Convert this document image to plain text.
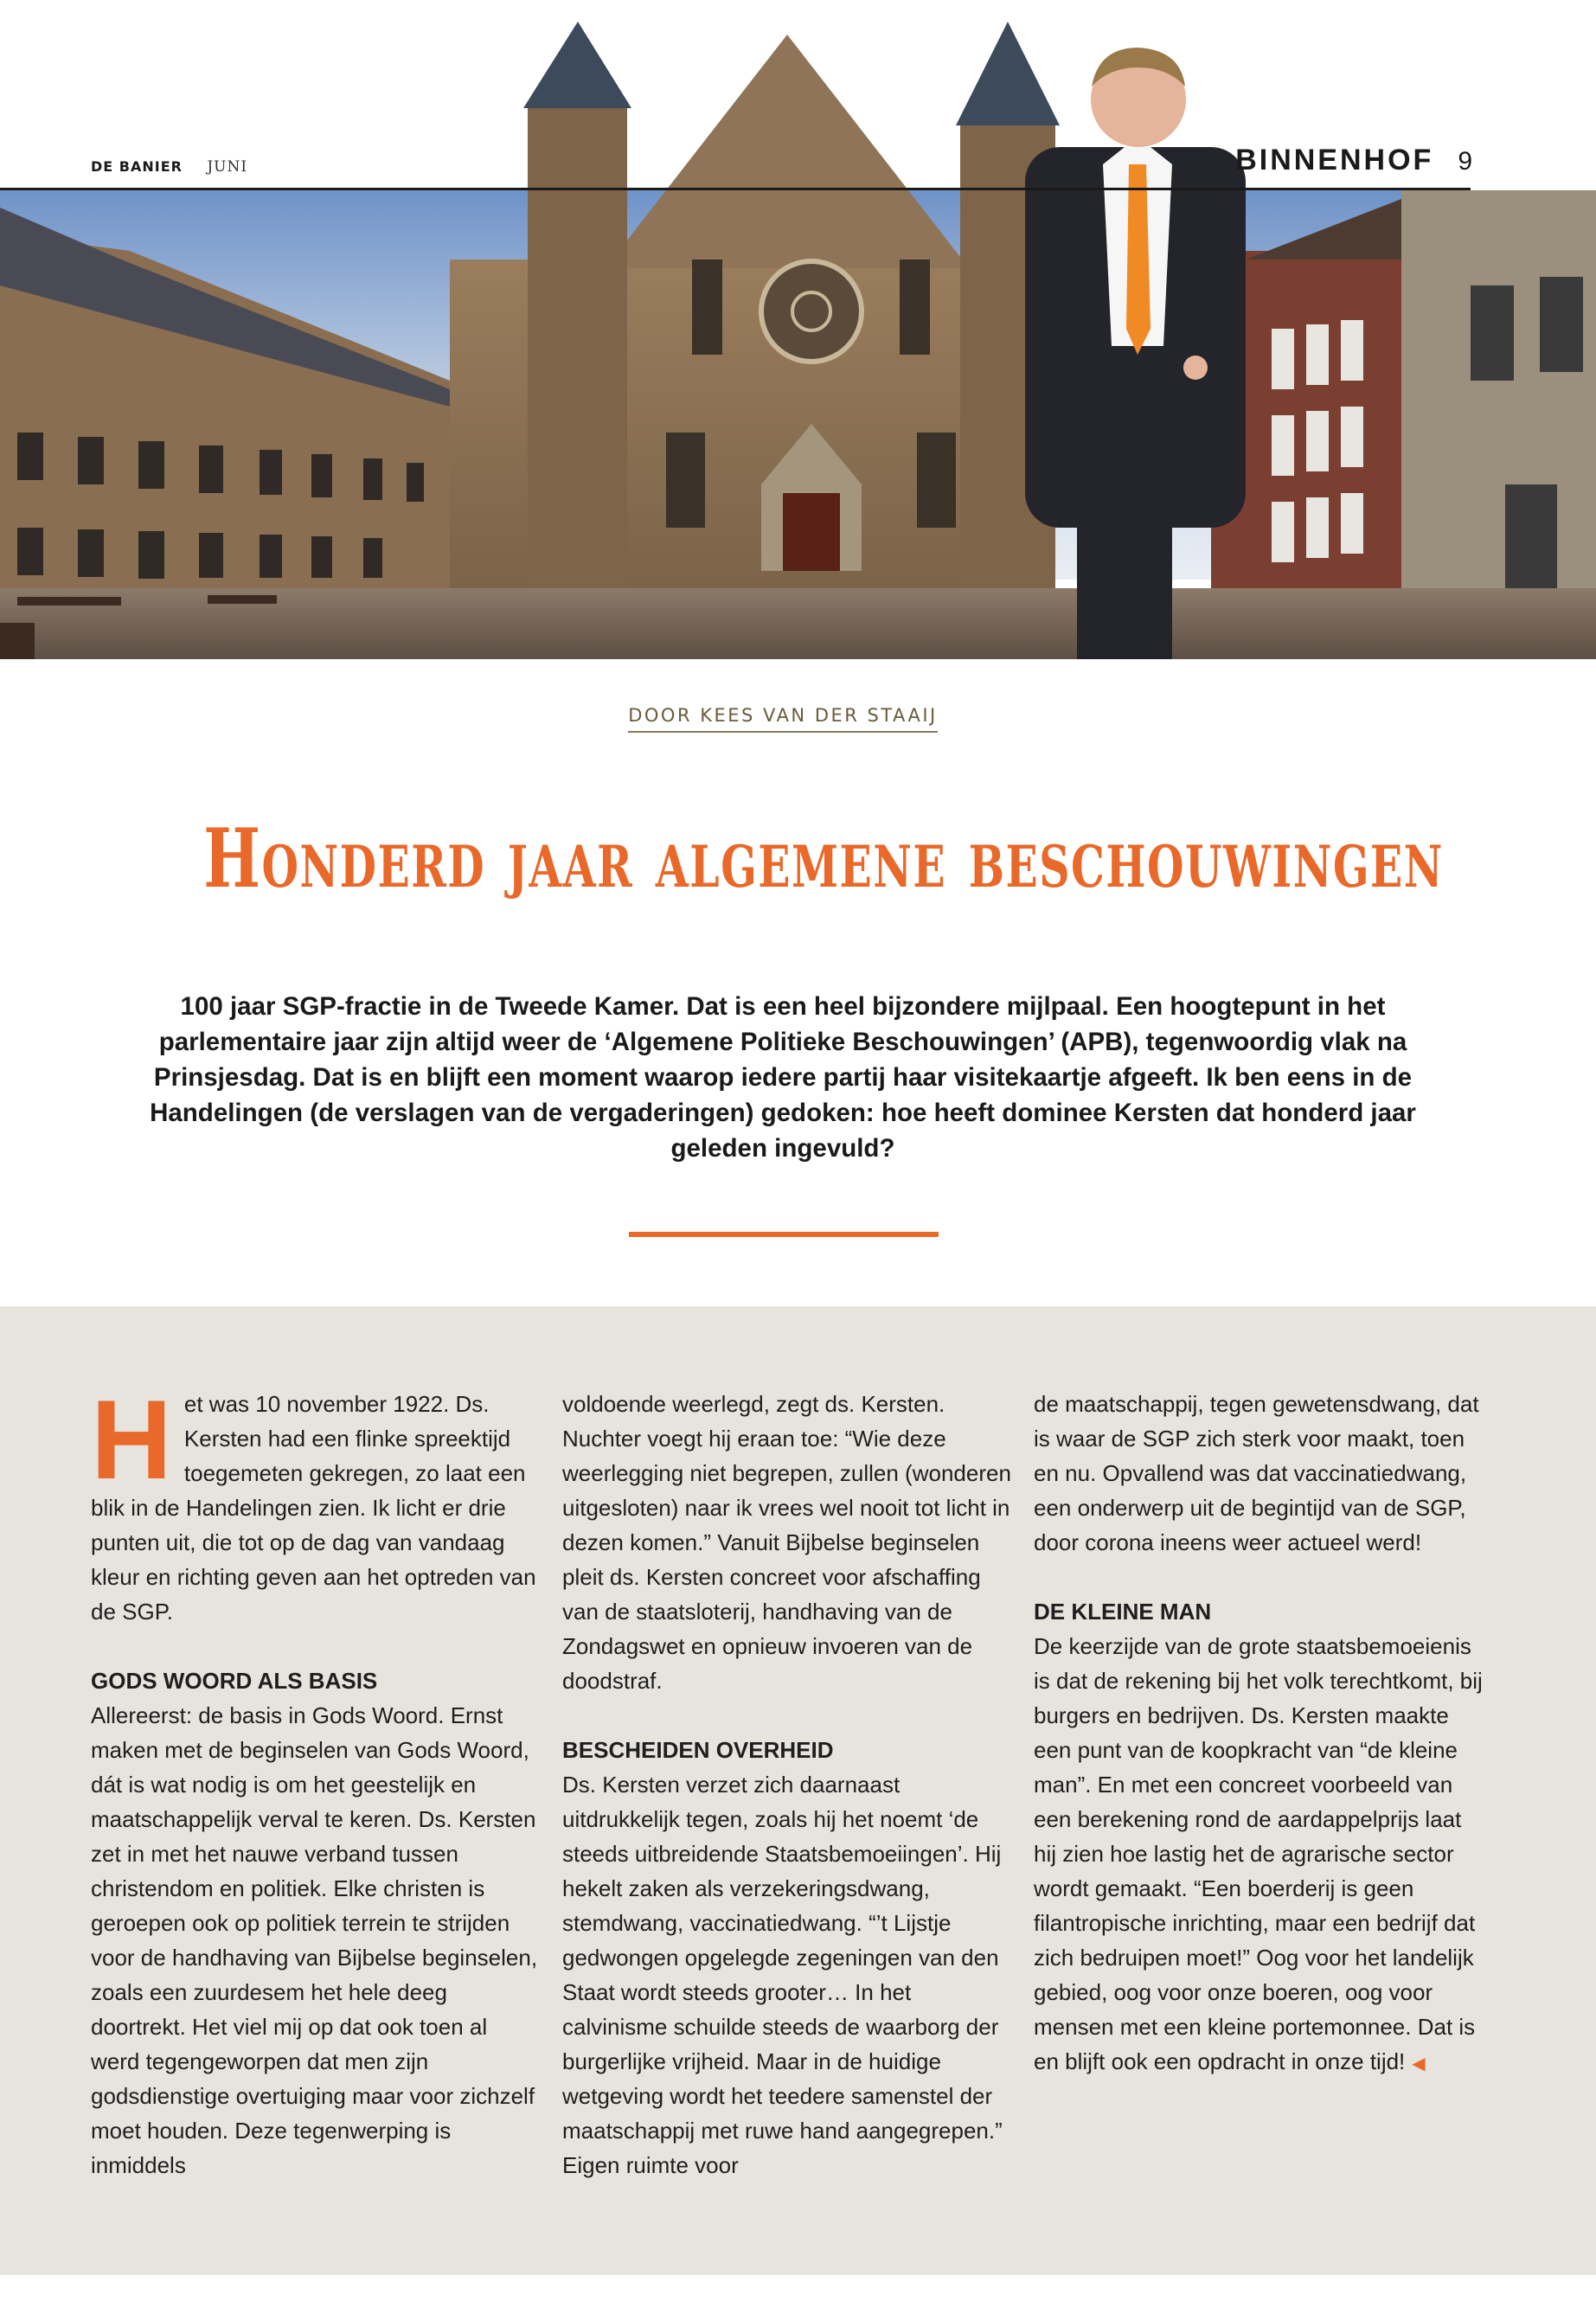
DE BANIER JUNI	BINNENHOF 9
DOOR KEES VAN DER STAAIJ
Honderd jaar algemene beschouwingen
100 jaar SGP-fractie in de Tweede Kamer. Dat is een heel bijzondere mijlpaal. Een hoogtepunt in het parlementaire jaar zijn altijd weer de ‘Algemene Politieke Beschouwingen’ (APB), tegenwoordig vlak na Prinsjesdag. Dat is en blijft een moment waarop iedere partij haar visitekaartje afgeeft. Ik ben eens in de Handelingen (de verslagen van de vergaderingen) gedoken: hoe heeft dominee Kersten dat honderd jaar geleden ingevuld?

Het was 10 november 1922. Ds. Kersten had een flinke spreektijd toegemeten gekregen, zo laat een blik in de Handelingen zien. Ik licht er drie punten uit, die tot op de dag van vandaag kleur en richting geven aan het optreden van de SGP.

GODS WOORD ALS BASIS

Allereerst: de basis in Gods Woord. Ernst maken met de beginselen van Gods Woord, dát is wat nodig is om het geestelijk en maatschappelijk verval te keren. Ds. Kersten zet in met het nauwe verband tussen christendom en politiek. Elke christen is geroepen ook op politiek terrein te strijden voor de handhaving van Bijbelse beginselen, zoals een zuurdesem het hele deeg doortrekt. Het viel mij op dat ook toen al werd tegengeworpen dat men zijn godsdienstige overtuiging maar voor zichzelf moet houden. Deze tegenwerping is inmiddels

voldoende weerlegd, zegt ds. Kersten. Nuchter voegt hij eraan toe: “Wie deze weerlegging niet begrepen, zullen (wonderen uitgesloten) naar ik vrees wel nooit tot licht in dezen komen.” Vanuit Bijbelse beginselen pleit ds. Kersten concreet voor afschaffing van de staatsloterij, handhaving van de Zondagswet en opnieuw invoeren van de doodstraf.

BESCHEIDEN OVERHEID

Ds. Kersten verzet zich daarnaast uitdrukkelijk tegen, zoals hij het noemt ‘de steeds uitbreidende Staatsbemoeiingen’. Hij hekelt zaken als verzekeringsdwang, stemdwang, vaccinatiedwang. “’t Lijstje gedwongen opgelegde zegeningen van den Staat wordt steeds grooter… In het calvinisme schuilde steeds de waarborg der burgerlijke vrijheid. Maar in de huidige wetgeving wordt het teedere samenstel der maatschappij met ruwe hand aangegrepen.” Eigen ruimte voor

de maatschappij, tegen gewetensdwang, dat is waar de SGP zich sterk voor maakt, toen en nu. Opvallend was dat vaccinatiedwang, een onderwerp uit de begintijd van de SGP, door corona ineens weer actueel werd!

DE KLEINE MAN

De keerzijde van de grote staatsbemoeienis is dat de rekening bij het volk terechtkomt, bij burgers en bedrijven. Ds. Kersten maakte een punt van de koopkracht van “de kleine man”. En met een concreet voorbeeld van een berekening rond de aardappelprijs laat hij zien hoe lastig het de agrarische sector wordt gemaakt. “Een boerderij is geen filantropische inrichting, maar een bedrijf dat zich bedruipen moet!” Oog voor het landelijk gebied, oog voor onze boeren, oog voor mensen met een kleine portemonnee. Dat is en blijft ook een opdracht in onze tijd! ◀
